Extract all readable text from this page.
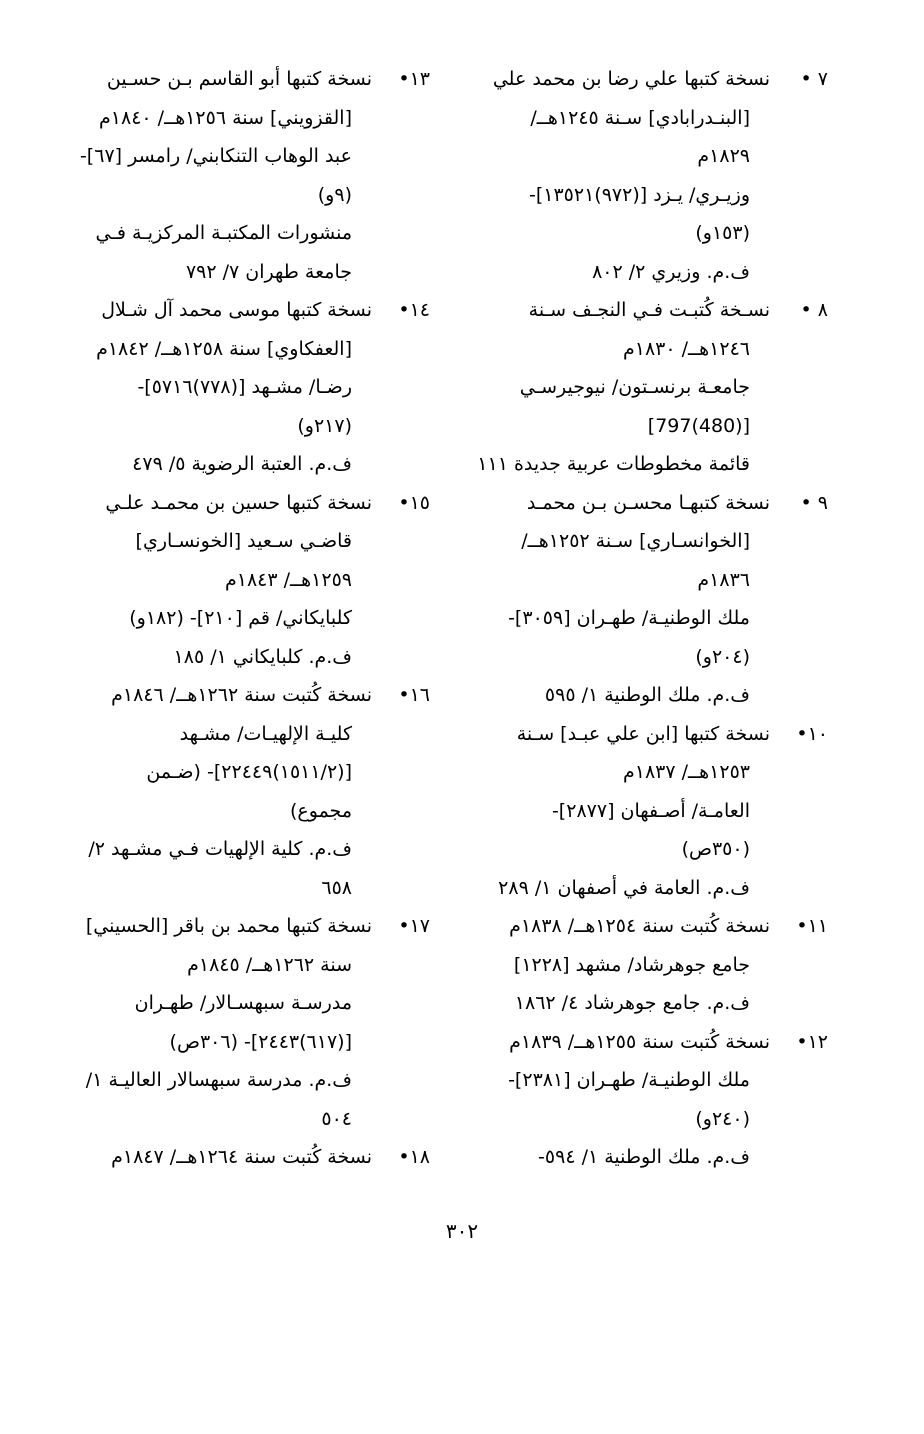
٧ •
نسخة كتبها علي رضا بن محمد علي
[البنـدرابادي] سـنة ١٢٤٥هــ/
١٨٢٩م
وزيـري/ يـزد [(٩٧٢)١٣٥٢١]-
(١٥٣و)
ف.م. وزيري ٢/ ٨٠٢
٨ •
نسـخة كُتبـت فـي النجـف سـنة
١٢٤٦هــ/ ١٨٣٠م
جامعـة برنسـتون/ نيوجيرسـي
[(480)797]
قائمة مخطوطات عربية جديدة ١١١
٩ •
نسخة كتبهـا محسـن بـن محمـد
[الخوانسـاري] سـنة ١٢٥٢هــ/
١٨٣٦م
ملك الوطنيـة/ طهـران [٣٠٥٩]-
(٢٠٤و)
ف.م. ملك الوطنية ١/ ٥٩٥
١٠•
نسخة كتبها [ابن علي عبـد] سـنة
١٢٥٣هــ/ ١٨٣٧م
العامـة/ أصـفهان [٢٨٧٧]-
(٣٥٠ص)
ف.م. العامة في أصفهان ١/ ٢٨٩
١١•
نسخة كُتبت سنة ١٢٥٤هــ/ ١٨٣٨م
جامع جوهرشاد/ مشهد [١٢٢٨]
ف.م. جامع جوهرشاد ٤/ ١٨٦٢
١٢•
نسخة كُتبت سنة ١٢٥٥هــ/ ١٨٣٩م
ملك الوطنيـة/ طهـران [٢٣٨١]-
(٢٤٠و)
ف.م. ملك الوطنية ١/ ٥٩٤-
١٣•
نسخة كتبها أبو القاسم بـن حسـين
[القزويني] سنة ١٢٥٦هــ/ ١٨٤٠م
عبد الوهاب التنكابني/ رامسر [٦٧]-
(٩و)
منشورات المكتبـة المركزيـة فـي
جامعة طهران ٧/ ٧٩٢
١٤•
نسخة كتبها موسى محمد آل شـلال
[العفكاوي] سنة ١٢٥٨هــ/ ١٨٤٢م
رضـا/ مشـهد [(٧٧٨)٥٧١٦]-
(٢١٧و)
ف.م. العتبة الرضوية ٥/ ٤٧٩
١٥•
نسخة كتبها حسين بن محمـد علـي
قاضـي سـعيد [الخونسـاري]
١٢٥٩هــ/ ١٨٤٣م
كلبايكاني/ قم [٢١٠]- (١٨٢و)
ف.م. كلبايكاني ١/ ١٨٥
١٦•
نسخة كُتبت سنة ١٢٦٢هــ/ ١٨٤٦م
كليـة الإلهيـات/ مشـهد
[(١٥١١/٢)٢٢٤٤٩]- (ضـمن
مجموع)
ف.م. كلية الإلهيات فـي مشـهد ٢/
٦٥٨
١٧•
نسخة كتبها محمد بن باقر [الحسيني]
سنة ١٢٦٢هــ/ ١٨٤٥م
مدرسـة سبهسـالار/ طهـران
[(٦١٧)٢٤٤٣]- (٣٠٦ص)
ف.م. مدرسة سبهسالار العاليـة ١/
٥٠٤
١٨•
نسخة كُتبت سنة ١٢٦٤هــ/ ١٨٤٧م
٣٠٢
